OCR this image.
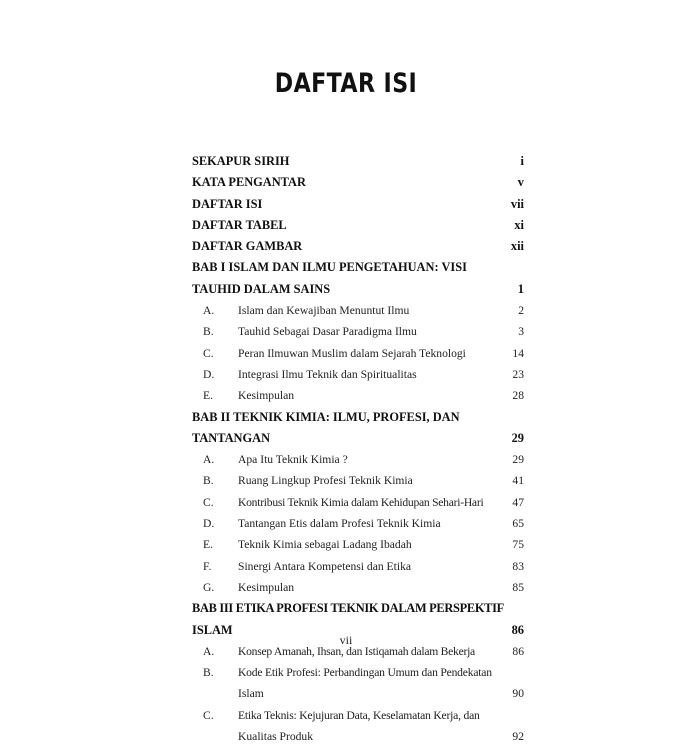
DAFTAR ISI
SEKAPUR SIRIH	i
KATA PENGANTAR	v
DAFTAR ISI	vii
DAFTAR TABEL	xi
DAFTAR GAMBAR	xii
BAB I ISLAM DAN ILMU PENGETAHUAN: VISI
TAUHID DALAM SAINS	1
A.	Islam dan Kewajiban Menuntut Ilmu	2
B.	Tauhid Sebagai Dasar Paradigma Ilmu	3
C.	Peran Ilmuwan Muslim dalam Sejarah Teknologi	14
D.	Integrasi Ilmu Teknik dan Spiritualitas	23
E.	Kesimpulan	28
BAB II TEKNIK KIMIA: ILMU, PROFESI, DAN
TANTANGAN	29
A.	Apa Itu Teknik Kimia ?	29
B.	Ruang Lingkup Profesi Teknik Kimia	41
C.	Kontribusi Teknik Kimia dalam Kehidupan Sehari-Hari 47
D.	Tantangan Etis dalam Profesi Teknik Kimia	65
E.	Teknik Kimia sebagai Ladang Ibadah	75
F.	Sinergi Antara Kompetensi dan Etika	83
G.	Kesimpulan	85
BAB III ETIKA PROFESI TEKNIK DALAM PERSPEKTIF
ISLAM	86
A.	Konsep Amanah, Ihsan, dan Istiqamah dalam Bekerja	86
B.	Kode Etik Profesi: Perbandingan Umum dan Pendekatan
Islam	90
C.	Etika Teknis: Kejujuran Data, Keselamatan Kerja, dan
Kualitas Produk	92
vii
